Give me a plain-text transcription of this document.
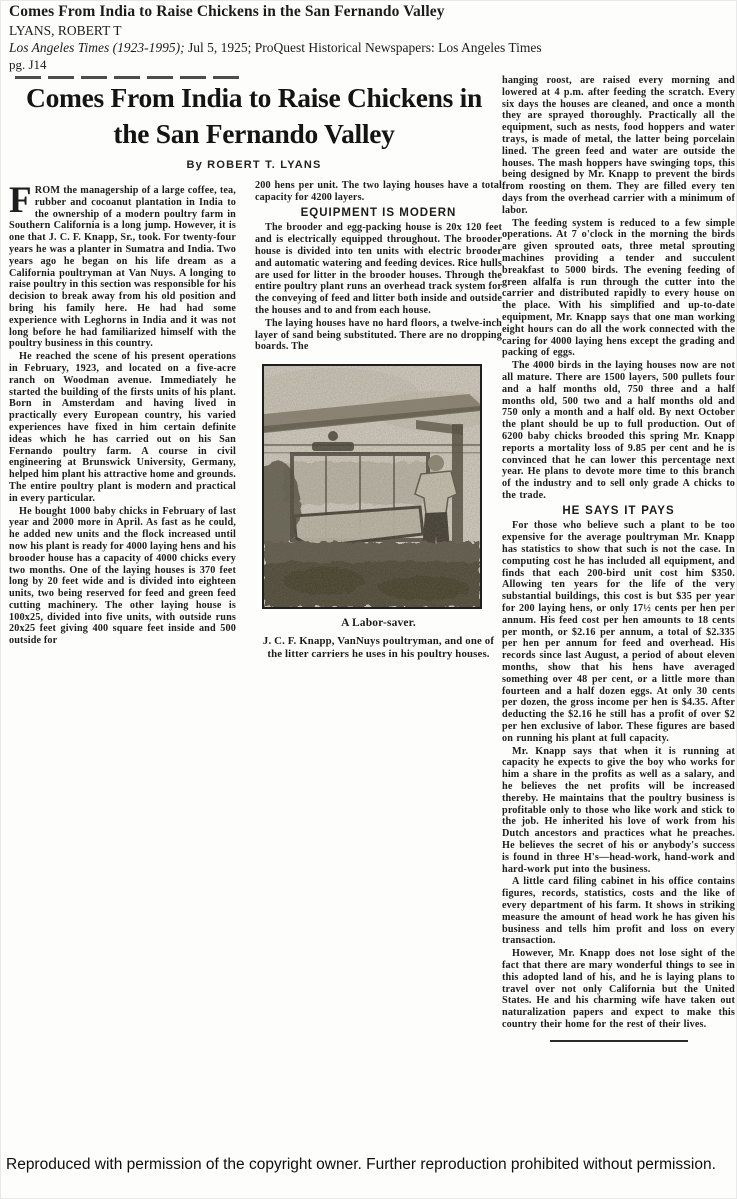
Comes From India to Raise Chickens in the San Fernando Valley
LYANS, ROBERT T
Los Angeles Times (1923-1995); Jul 5, 1925; ProQuest Historical Newspapers: Los Angeles Times
pg. J14
Comes From India to Raise Chickens in
the San Fernando Valley
By ROBERT T. LYANS

FROM the managership of a large coffee, tea, rubber and cocoanut plantation in India to the ownership of a modern poultry farm in Southern California is a long jump. However, it is one that J. C. F. Knapp, Sr., took. For twenty-four years he was a planter in Sumatra and India. Two years ago he began on his life dream as a California poultryman at Van Nuys. A longing to raise poultry in this section was responsible for his decision to break away from his old position and bring his family here. He had had some experience with Leghorns in India and it was not long before he had familiarized himself with the poultry business in this country.

He reached the scene of his present operations in February, 1923, and located on a five-acre ranch on Woodman avenue. Immediately he started the building of the firsts units of his plant. Born in Amsterdam and having lived in practically every European country, his varied experiences have fixed in him certain definite ideas which he has carried out on his San Fernando poultry farm. A course in civil engineering at Brunswick University, Germany, helped him plant his attractive home and grounds. The entire poultry plant is modern and practical in every particular.

He bought 1000 baby chicks in February of last year and 2000 more in April. As fast as he could, he added new units and the flock increased until now his plant is ready for 4000 laying hens and his brooder house has a capacity of 4000 chicks every two months. One of the laying houses is 370 feet long by 20 feet wide and is divided into eighteen units, two being reserved for feed and green feed cutting machinery. The other laying house is 100x25, divided into five units, with outside runs 20x25 feet giving 400 square feet inside and 500 outside for

200 hens per unit. The two laying houses have a total capacity for 4200 layers.

EQUIPMENT IS MODERN

The brooder and egg-packing house is 20x 120 feet and is electrically equipped throughout. The brooder house is divided into ten units with electric brooder and automatic watering and feeding devices. Rice hulls are used for litter in the brooder houses. Through the entire poultry plant runs an overhead track system for the conveying of feed and litter both inside and outside the houses and to and from each house.

The laying houses have no hard floors, a twelve-inch layer of sand being substituted. There are no dropping boards. The

A Labor-saver.
J. C. F. Knapp, VanNuys poultryman, and one of the litter carriers he uses in his poultry houses.

hanging roost, are raised every morning and lowered at 4 p.m. after feeding the scratch. Every six days the houses are cleaned, and once a month they are sprayed thoroughly. Practically all the equipment, such as nests, food hoppers and water trays, is made of metal, the latter being porcelain lined. The green feed and water are outside the houses. The mash hoppers have swinging tops, this being designed by Mr. Knapp to prevent the birds from roosting on them. They are filled every ten days from the overhead carrier with a minimum of labor.

The feeding system is reduced to a few simple operations. At 7 o'clock in the morning the birds are given sprouted oats, three metal sprouting machines providing a tender and succulent breakfast to 5000 birds. The evening feeding of green alfalfa is run through the cutter into the carrier and distributed rapidly to every house on the place. With his simplified and up-to-date equipment, Mr. Knapp says that one man working eight hours can do all the work connected with the caring for 4000 laying hens except the grading and packing of eggs.

The 4000 birds in the laying houses now are not all mature. There are 1500 layers, 500 pullets four and a half months old, 750 three and a half months old, 500 two and a half months old and 750 only a month and a half old. By next October the plant should be up to full production. Out of 6200 baby chicks brooded this spring Mr. Knapp reports a mortality loss of 9.85 per cent and he is convinced that he can lower this percentage next year. He plans to devote more time to this branch of the industry and to sell only grade A chicks to the trade.

HE SAYS IT PAYS

For those who believe such a plant to be too expensive for the average poultryman Mr. Knapp has statistics to show that such is not the case. In computing cost he has included all equipment, and finds that each 200-bird unit cost him $350. Allowing ten years for the life of the very substantial buildings, this cost is but $35 per year for 200 laying hens, or only 17½ cents per hen per annum. His feed cost per hen amounts to 18 cents per month, or $2.16 per annum, a total of $2.335 per hen per annum for feed and overhead. His records since last August, a period of about eleven months, show that his hens have averaged something over 48 per cent, or a little more than fourteen and a half dozen eggs. At only 30 cents per dozen, the gross income per hen is $4.35. After deducting the $2.16 he still has a profit of over $2 per hen exclusive of labor. These figures are based on running his plant at full capacity.

Mr. Knapp says that when it is running at capacity he expects to give the boy who works for him a share in the profits as well as a salary, and he believes the net profits will be increased thereby. He maintains that the poultry business is profitable only to those who like work and stick to the job. He inherited his love of work from his Dutch ancestors and practices what he preaches. He believes the secret of his or anybody's success is found in three H's—head-work, hand-work and hard-work put into the business.

A little card filing cabinet in his office contains figures, records, statistics, costs and the like of every department of his farm. It shows in striking measure the amount of head work he has given his business and tells him profit and loss on every transaction.

However, Mr. Knapp does not lose sight of the fact that there are mary wonderful things to see in this adopted land of his, and he is laying plans to travel over not only California but the United States. He and his charming wife have taken out naturalization papers and expect to make this country their home for the rest of their lives.

Reproduced with permission of the copyright owner. Further reproduction prohibited without permission.
